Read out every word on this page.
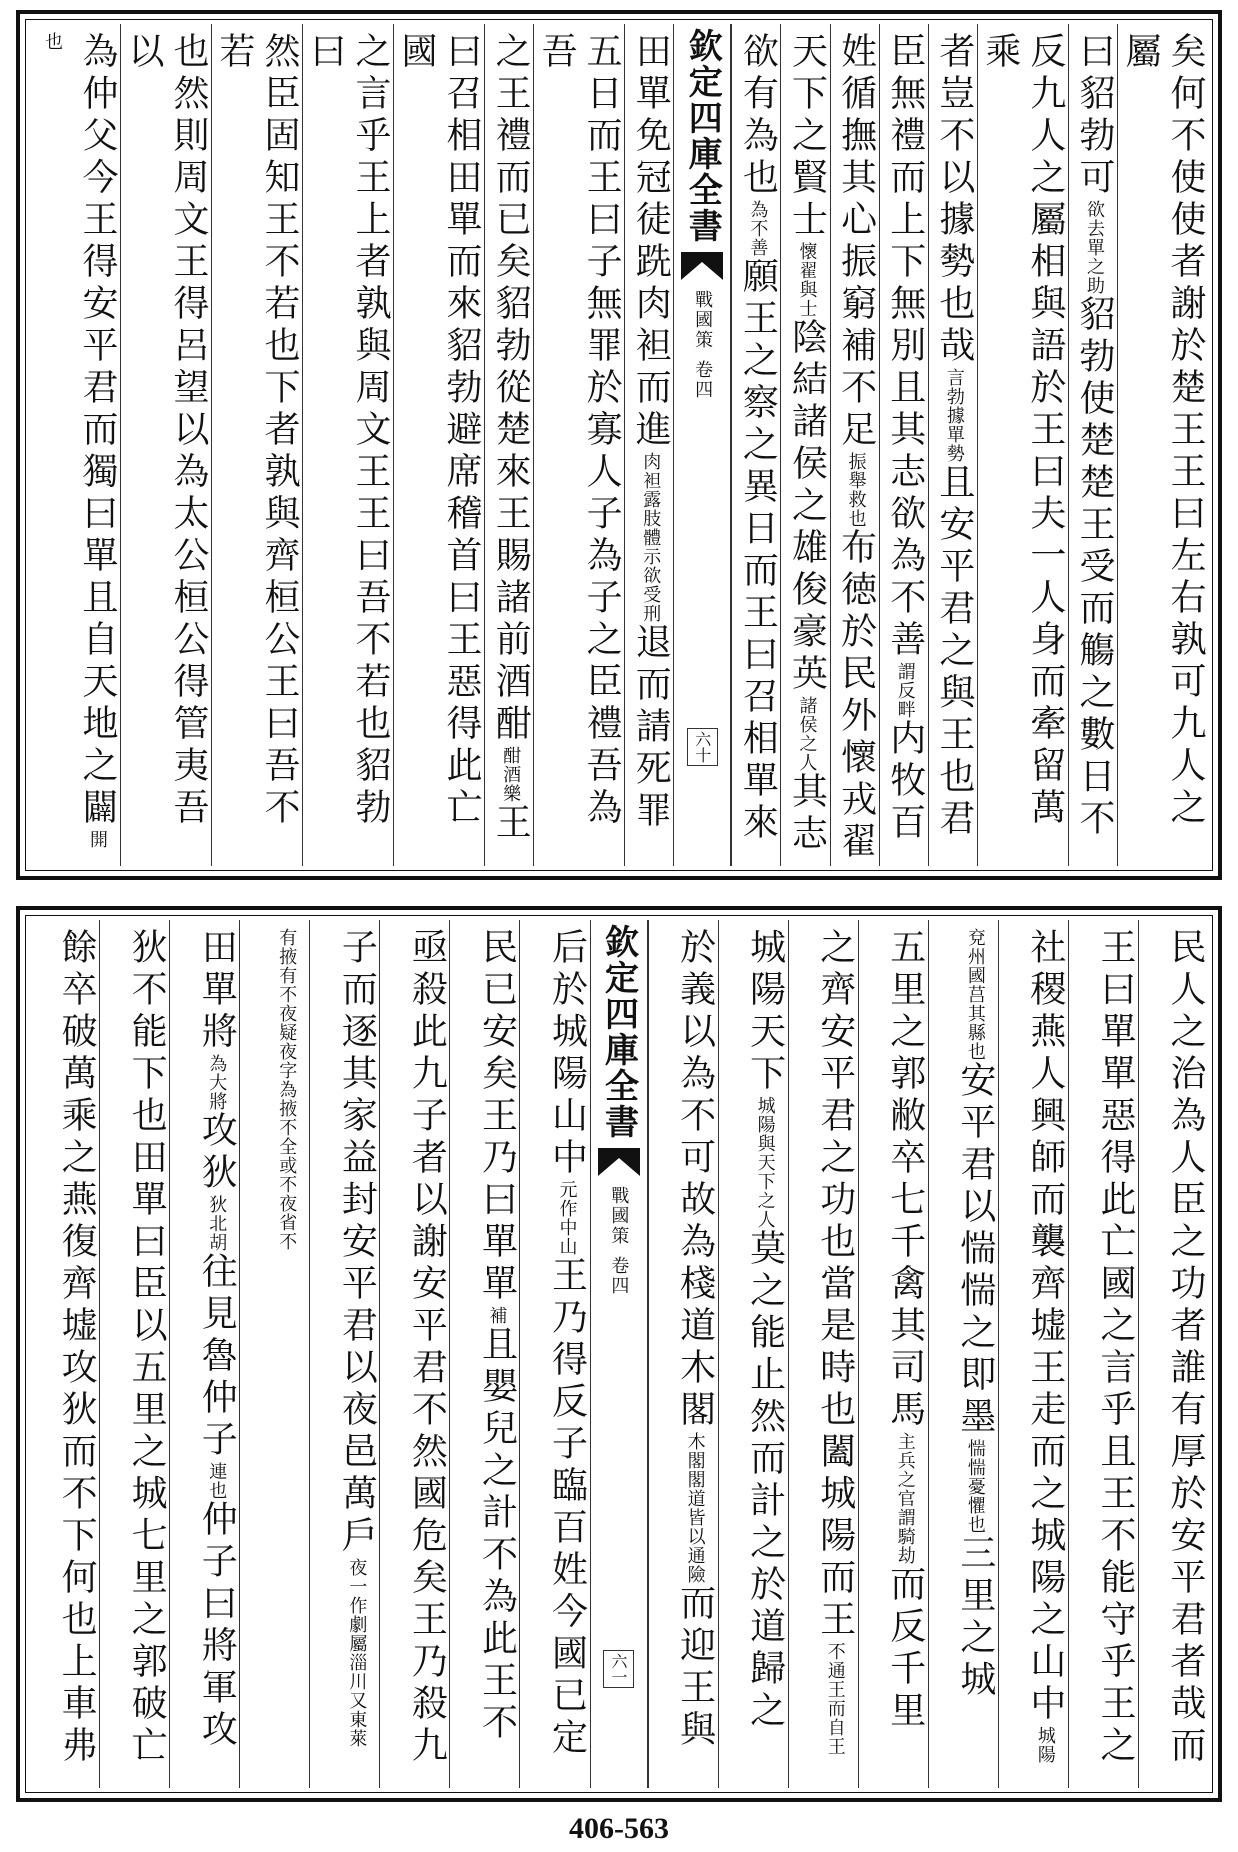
矣何不使使者謝於楚王王曰左右孰可九人之屬
曰貂勃可欲去單之助貂勃使楚楚王受而觴之數日不
反九人之屬相與語於王曰夫一人身而牽留萬乘
者豈不以據勢也哉言勃據單勢且安平君之與王也君
臣無禮而上下無別且其志欲為不善謂反畔内牧百
姓循撫其心振窮補不足振舉救也布徳於民外懷戎翟
天下之賢士懷翟與士陰結諸侯之雄俊豪英諸侯之人其志
欲有為也為不善願王之察之異日而王曰召相單來
欽定四庫全書
戰國策
卷四
六十
田單免冠徒跣肉袒而進肉袒露肢體示欲受刑退而請死罪
五日而王曰子無罪於寡人子為子之臣禮吾為吾
之王禮而已矣貂勃從楚來王賜諸前酒酣酣酒樂王
曰召相田單而來貂勃避席稽首曰王惡得此亡國
之言乎王上者孰與周文王王曰吾不若也貂勃曰
然臣固知王不若也下者孰與齊桓公王曰吾不若
也然則周文王得呂望以為太公桓公得管夷吾以
為仲父今王得安平君而獨曰單且自天地之闢開也
民人之治為人臣之功者誰有厚於安平君者哉而
王曰單單惡得此亡國之言乎且王不能守乎王之
社稷燕人興師而襲齊墟王走而之城陽之山中城陽
兗州國莒其縣也安平君以惴惴之即墨惴惴憂懼也三里之城
五里之郭敝卒七千禽其司馬主兵之官謂騎劫而反千里
之齊安平君之功也當是時也闔城陽而王不通王而自王
城陽天下城陽與天下之人莫之能止然而計之於道歸之
於義以為不可故為棧道木閣木閣閣道皆以通險而迎王與
欽定四庫全書
戰國策
卷四
六一
后於城陽山中元作中山王乃得反子臨百姓今國已定
民已安矣王乃曰單單補且嬰兒之計不為此王不
亟殺此九子者以謝安平君不然國危矣王乃殺九
子而逐其家益封安平君以夜邑萬戶夜一作劇屬淄川又東萊
有掖有不夜疑夜字為掖不全或不夜省不
田單將為大將攻狄狄北胡往見魯仲子連也仲子曰將軍攻
狄不能下也田單曰臣以五里之城七里之郭破亡
餘卒破萬乘之燕復齊墟攻狄而不下何也上車弗
406-563
